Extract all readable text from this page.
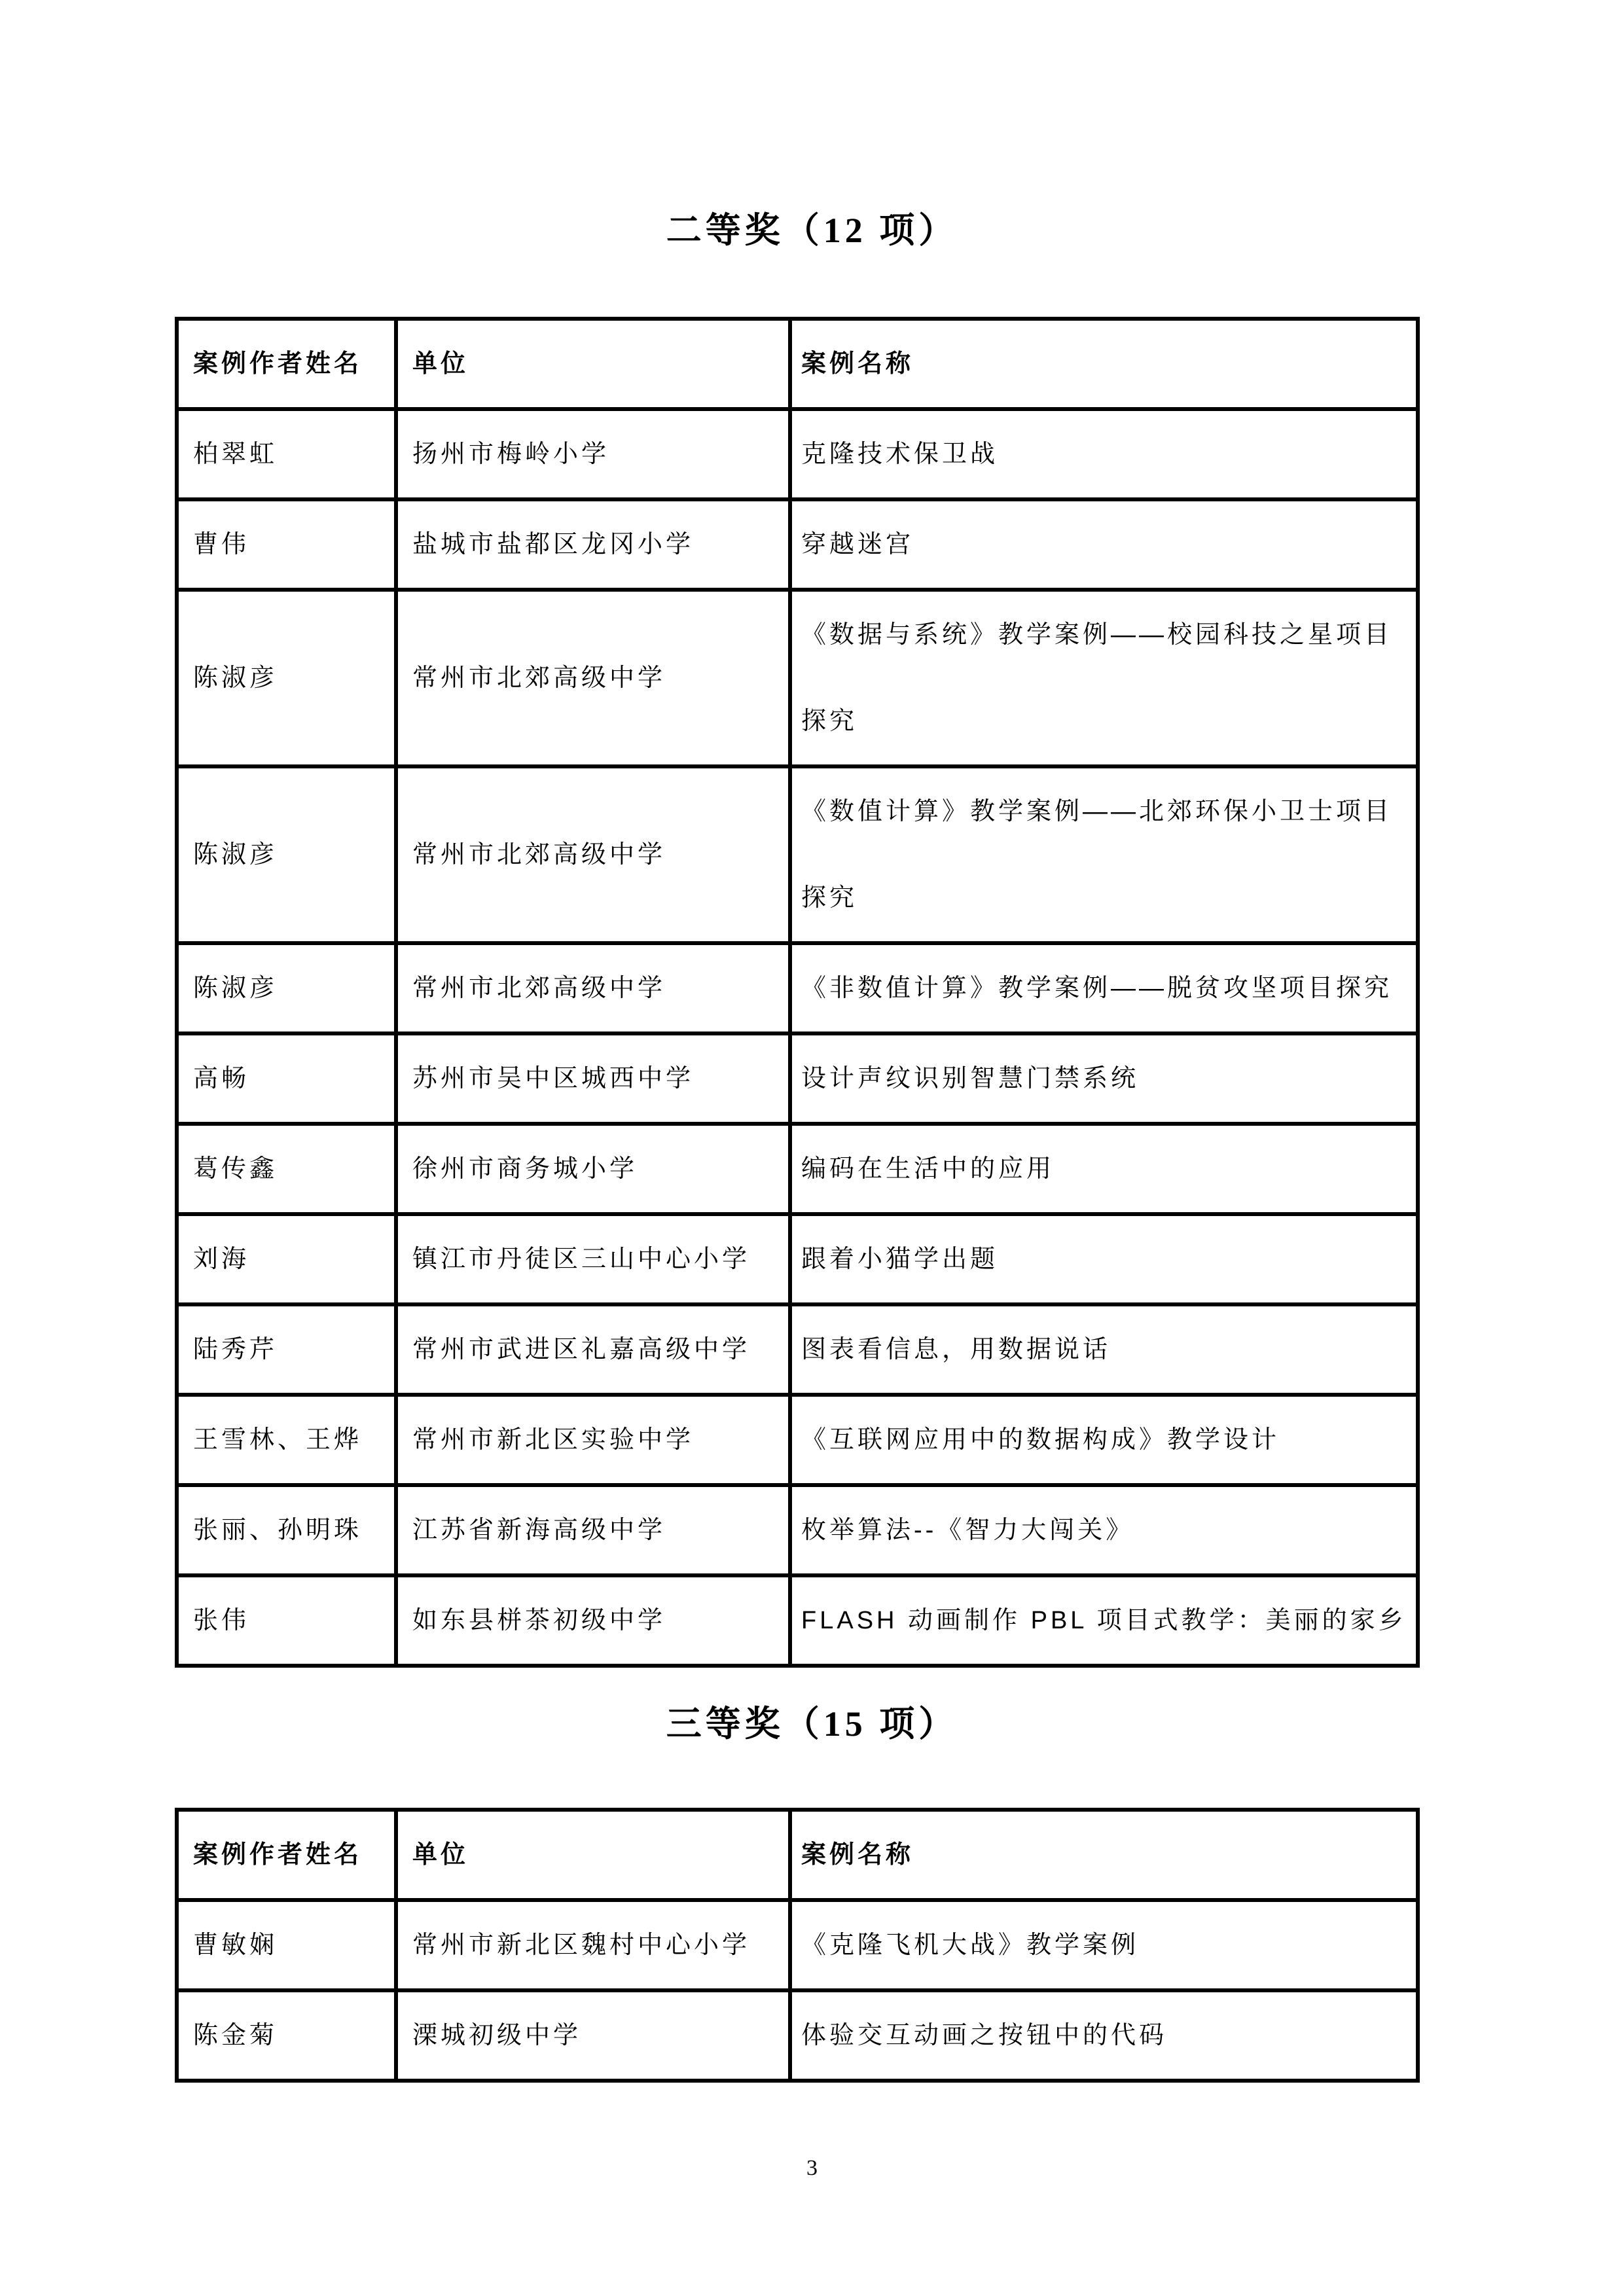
二等奖（12 项）
案例作者姓名	单位	案例名称
柏翠虹	扬州市梅岭小学	克隆技术保卫战
曹伟	盐城市盐都区龙冈小学	穿越迷宫
陈淑彦	常州市北郊高级中学	《数据与系统》教学案例——校园科技之星项目探究
陈淑彦	常州市北郊高级中学	《数值计算》教学案例——北郊环保小卫士项目探究
陈淑彦	常州市北郊高级中学	《非数值计算》教学案例——脱贫攻坚项目探究
高畅	苏州市吴中区城西中学	设计声纹识别智慧门禁系统
葛传鑫	徐州市商务城小学	编码在生活中的应用
刘海	镇江市丹徒区三山中心小学	跟着小猫学出题
陆秀芹	常州市武进区礼嘉高级中学	图表看信息，用数据说话
王雪林、王烨	常州市新北区实验中学	《互联网应用中的数据构成》教学设计
张丽、孙明珠	江苏省新海高级中学	枚举算法--《智力大闯关》
张伟	如东县栟茶初级中学	FLASH 动画制作 PBL 项目式教学：美丽的家乡
三等奖（15 项）
案例作者姓名	单位	案例名称
曹敏娴	常州市新北区魏村中心小学	《克隆飞机大战》教学案例
陈金菊	溧城初级中学	体验交互动画之按钮中的代码
3
